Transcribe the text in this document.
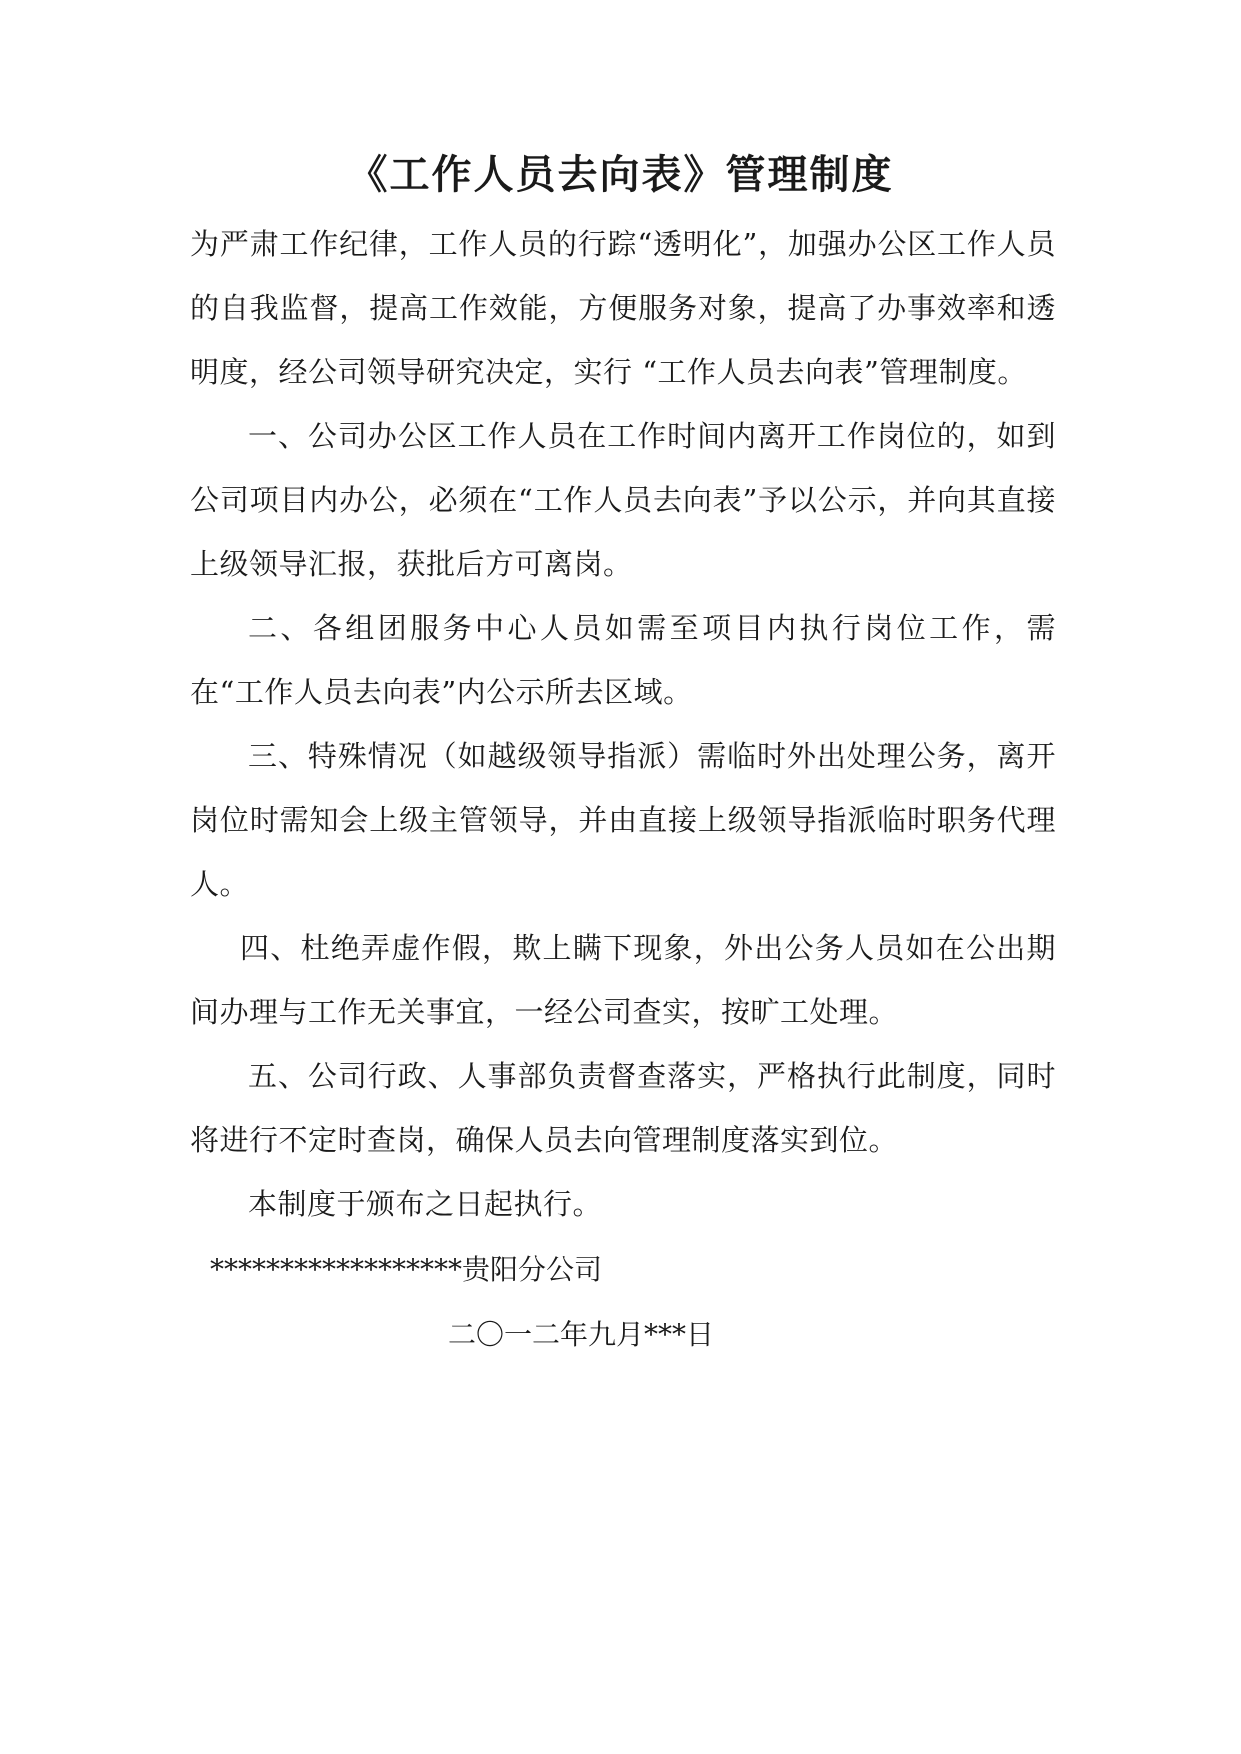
《工作人员去向表》管理制度

为严肃工作纪律，工作人员的行踪“透明化”，加强办公区工作人员的自我监督，提高工作效能，方便服务对象，提高了办事效率和透明度，经公司领导研究决定，实行 “工作人员去向表”管理制度。

一、公司办公区工作人员在工作时间内离开工作岗位的，如到公司项目内办公，必须在“工作人员去向表”予以公示，并向其直接上级领导汇报，获批后方可离岗。

二、各组团服务中心人员如需至项目内执行岗位工作，需在“工作人员去向表”内公示所去区域。

三、特殊情况（如越级领导指派）需临时外出处理公务，离开岗位时需知会上级主管领导，并由直接上级领导指派临时职务代理人。

四、杜绝弄虚作假，欺上瞒下现象，外出公务人员如在公出期间办理与工作无关事宜，一经公司查实，按旷工处理。

五、公司行政、人事部负责督查落实，严格执行此制度，同时将进行不定时查岗，确保人员去向管理制度落实到位。

本制度于颁布之日起执行。

******************贵阳分公司
二〇一二年九月***日
